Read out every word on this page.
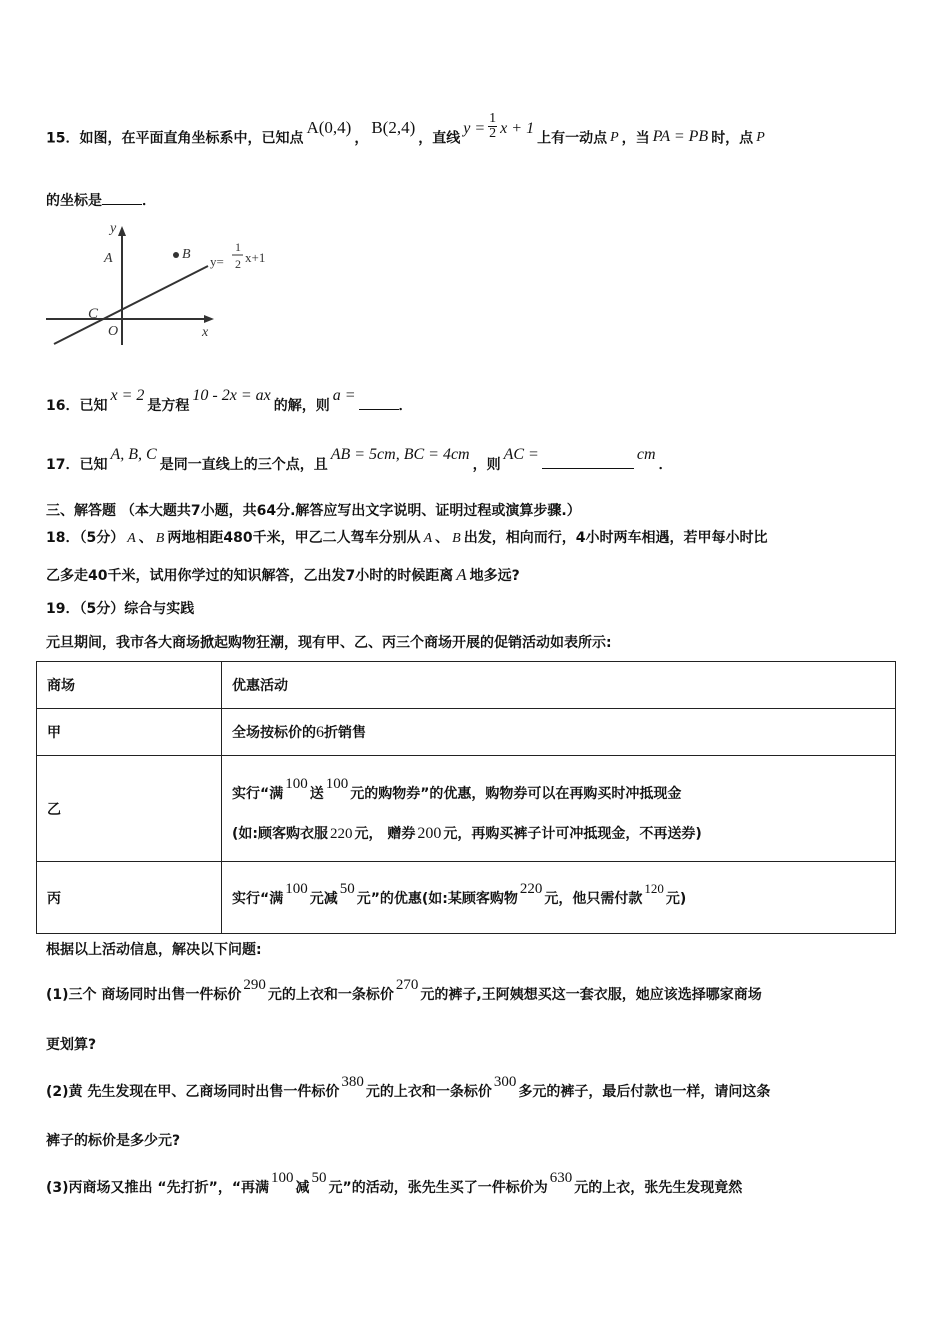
15．如图，在平面直角坐标系中，已知点A(0,4)，B(2,4)，直线$y = \frac{1}{2}$ x + 1上有一动点 P ，当 PA = PB 时，点 P
的坐标是	．
y
A	B
C
O	x
y=
1
2 x+1
16．已知x = 2是方程10 - 2x = ax的解，则a =．
17．已知A, B, C是同一直线上的三个点，且AB = 5cm, BC = 4cm，则AC =	cm．
三、解答题 （本大题共7小题，共64分.解答应写出文字说明、证明过程或演算步骤.）
18．（5分） A 、 B 两地相距480千米，甲乙二人驾车分别从 A 、 B 出发，相向而行，4小时两车相遇，若甲每小时比
乙多走40千米，试用你学过的知识解答，乙出发7小时的时候距离 A 地多远?
19．（5分）综合与实践
元旦期间，我市各大商场掀起购物狂潮，现有甲、乙、丙三个商场开展的促销活动如表所示:
商场	优惠活动
甲	全场按标价的6折销售
乙	实行“满100送100元的购物券”的优惠，购物券可以在再购买时冲抵现金
(如:顾客购衣服 220 元， 赠券 200 元，再购买裤子计可冲抵现金，不再送券)

丙	实行“满100元减50元”的优惠(如:某顾客购物220元，他只需付款120元)
根据以上活动信息，解决以下问题:
(1)三个 商场同时出售一件标价290元的上衣和一条标价270元的裤子,王阿姨想买这一套衣服，她应该选择哪家商场
更划算?
(2)黄 先生发现在甲、乙商场同时出售一件标价380元的上衣和一条标价300多元的裤子，最后付款也一样，请问这条
裤子的标价是多少元?
(3)丙商场又推出 “先打折”，“再满100减50元”的活动，张先生买了一件标价为630元的上衣，张先生发现竟然
